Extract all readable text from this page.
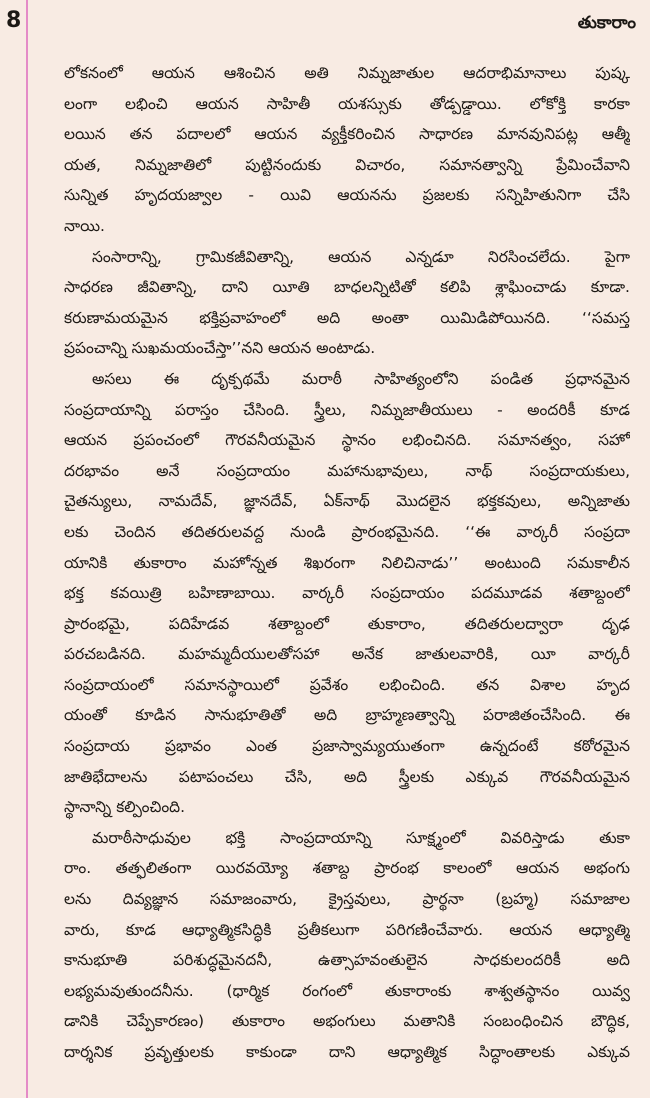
8	తుకారాం
లోకనంలో ఆయన ఆశించిన అతి నిమ్నజాతుల ఆదరాభిమానాలు పుష్క
లంగా లభించి ఆయన సాహితీ యశస్సుకు తోడ్పడ్డాయి. లోకోక్తి కారకా
లయిన తన పదాలలో ఆయన వ్యక్తీకరించిన సాధారణ మానవునిపట్ల ఆత్మీ
యత, నిమ్నజాతిలో పుట్టినందుకు విచారం, సమానత్వాన్ని ప్రేమించేవాని
సున్నిత హృదయజ్వాల - యివి ఆయనను ప్రజలకు సన్నిహితునిగా చేసి
నాయి.
సంసారాన్ని, గ్రామికజీవితాన్ని, ఆయన ఎన్నడూ నిరసించలేదు. పైగా
సాధరణ జీవితాన్ని, దాని యీతి బాధలన్నిటితో కలిపి శ్లాఘించాడు కూడా.
కరుణామయమైన భక్తిప్రవాహంలో అది అంతా యిమిడిపోయినది. ‘‘సమస్త
ప్రపంచాన్ని సుఖమయంచేస్తా’’నని ఆయన అంటాడు.
అసలు ఈ దృక్పథమే మరాఠీ సాహిత్యంలోని పండిత ప్రధానమైన
సంప్రదాయాన్ని పరాస్తం చేసింది. స్త్రీలు, నిమ్నజాతీయులు - అందరికీ కూడ
ఆయన ప్రపంచంలో గౌరవనీయమైన స్థానం లభించినది. సమానత్వం, సహో
దరభావం అనే సంప్రదాయం మహానుభావులు, నాథ్ సంప్రదాయకులు,
చైతన్యులు, నామదేవ్, జ్ఞానదేవ్, ఏక్‌నాథ్ మొదలైన భక్తకవులు, అన్నిజాతు
లకు చెందిన తదితరులవద్ద నుండి ప్రారంభమైనది. ‘‘ఈ వార్కరీ సంప్రదా
యానికి తుకారాం మహోన్నత శిఖరంగా నిలిచినాడు’’ అంటుంది సమకాలీన
భక్త కవయిత్రి బహిణాబాయి. వార్కరీ సంప్రదాయం పదమూడవ శతాబ్దంలో
ప్రారంభమై, పదిహేడవ శతాబ్దంలో తుకారాం, తదితరులద్వారా దృఢ
పరచబడినది. మహమ్మదీయులతోసహా అనేక జాతులవారికి, యీ వార్కరీ
సంప్రదాయంలో సమానస్థాయిలో ప్రవేశం లభించింది. తన విశాల హృద
యంతో కూడిన సానుభూతితో అది బ్రాహ్మణత్వాన్ని పరాజితంచేసింది. ఈ
సంప్రదాయ ప్రభావం ఎంత ప్రజాస్వామ్యయుతంగా ఉన్నదంటే కఠోరమైన
జాతిభేదాలను పటాపంచలు చేసి, అది స్త్రీలకు ఎక్కువ గౌరవనీయమైన
స్థానాన్ని కల్పించింది.
మరాఠీసాధువుల భక్తి సాంప్రదాయాన్ని సూక్ష్మంలో వివరిస్తాడు తుకా
రాం. తత్ఫలితంగా యిరవయ్యో శతాబ్ద ప్రారంభ కాలంలో ఆయన అభంగు
లను దివ్యజ్ఞాన సమాజంవారు, క్రైస్తవులు, ప్రార్థనా (బ్రహ్మ) సమాజాల
వారు, కూడ ఆధ్యాత్మికసిద్ధికి ప్రతీకలుగా పరిగణించేవారు. ఆయన ఆధ్యాత్మి
కానుభూతి పరిశుద్ధమైనదనీ, ఉత్సాహవంతులైన సాధకులందరికీ అది
లభ్యమవుతుందనీను. (ధార్మిక రంగంలో తుకారాంకు శాశ్వతస్థానం యివ్వ
డానికి చెప్పేకారణం) తుకారాం అభంగులు మతానికి సంబంధించిన బౌద్ధిక,
దార్శనిక ప్రవృత్తులకు కాకుండా దాని ఆధ్యాత్మిక సిద్ధాంతాలకు ఎక్కువ
